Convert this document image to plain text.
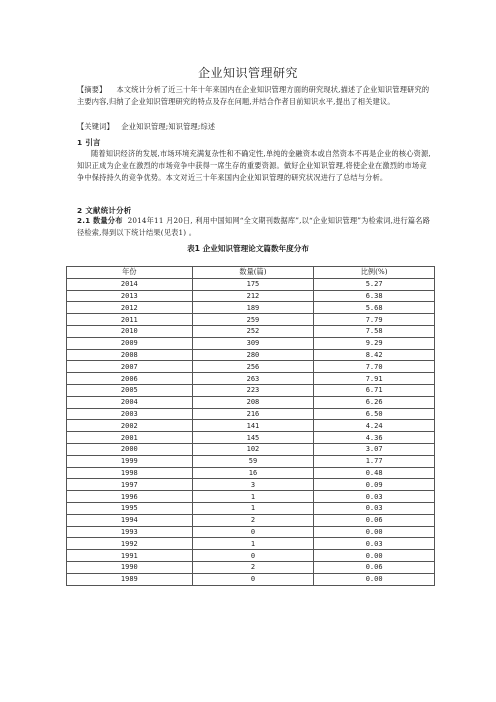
企业知识管理研究
【摘要】 本文统计分析了近三十年十年来国内在企业知识管理方面的研究现状,描述了企业知识管理研究的主要内容,归纳了企业知识管理研究的特点及存在问题,并结合作者目前知识水平,提出了相关建议。
【关键词】 企业知识管理;知识管理;综述
1 引言
随着知识经济的发展,市场环境充满复杂性和不确定性,单纯的金融资本或自然资本不再是企业的核心资源,知识正成为企业在激烈的市场竞争中获得一席生存的重要资源。做好企业知识管理,将使企业在激烈的市场竞争中保持持久的竞争优势。本文对近三十年来国内企业知识管理的研究状况进行了总结与分析。
2 文献统计分析
2.1 数量分布 2014年11 月20日, 利用中国知网“全文期刊数据库”,以“企业知识管理”为检索词,进行篇名路径检索,得到以下统计结果(见表1) 。
表1 企业知识管理论文篇数年度分布
年份	数量(篇)	比例(%)
2014	175	5.27
2013	212	6.38
2012	189	5.68
2011	259	7.79
2010	252	7.58
2009	309	9.29
2008	280	8.42
2007	256	7.70
2006	263	7.91
2005	223	6.71
2004	208	6.26
2003	216	6.50
2002	141	4.24
2001	145	4.36
2000	102	3.07
1999	59	1.77
1998	16	0.48
1997	3	0.09
1996	1	0.03
1995	1	0.03
1994	2	0.06
1993	0	0.00
1992	1	0.03
1991	0	0.00
1990	2	0.06
1989	0	0.00
